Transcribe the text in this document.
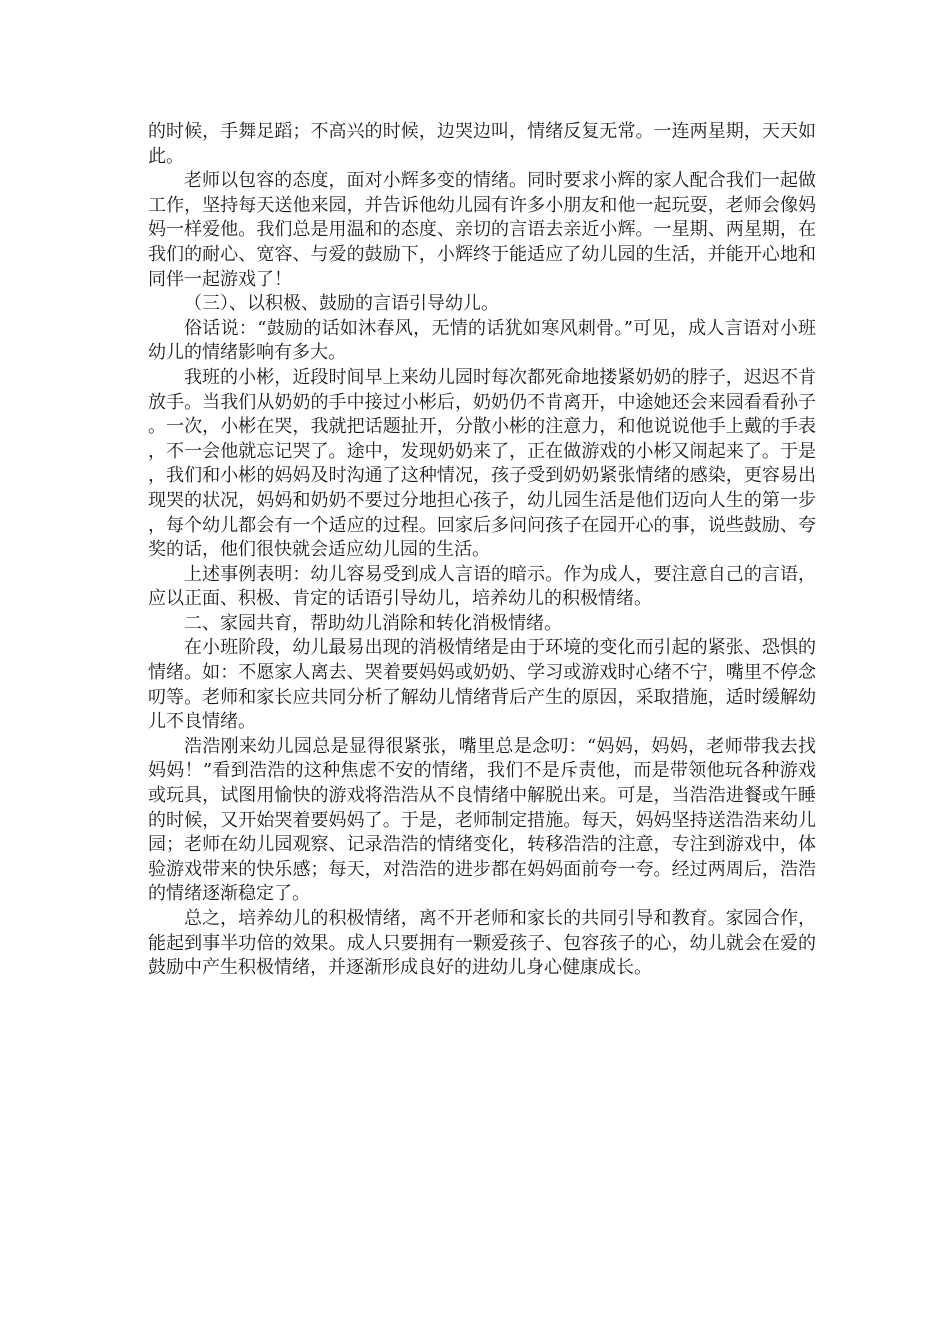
的时候，手舞足蹈；不高兴的时候，边哭边叫，情绪反复无常。一连两星期，天天如此。

老师以包容的态度，面对小辉多变的情绪。同时要求小辉的家人配合我们一起做工作，坚持每天送他来园，并告诉他幼儿园有许多小朋友和他一起玩耍，老师会像妈妈一样爱他。我们总是用温和的态度、亲切的言语去亲近小辉。一星期、两星期，在我们的耐心、宽容、与爱的鼓励下，小辉终于能适应了幼儿园的生活，并能开心地和同伴一起游戏了！

（三）、以积极、鼓励的言语引导幼儿。

俗话说：“鼓励的话如沐春风，无情的话犹如寒风刺骨。”可见，成人言语对小班幼儿的情绪影响有多大。

我班的小彬，近段时间早上来幼儿园时每次都死命地搂紧奶奶的脖子，迟迟不肯放手。当我们从奶奶的手中接过小彬后，奶奶仍不肯离开，中途她还会来园看看孙子。一次，小彬在哭，我就把话题扯开，分散小彬的注意力，和他说说他手上戴的手表，不一会他就忘记哭了。途中，发现奶奶来了，正在做游戏的小彬又闹起来了。于是，我们和小彬的妈妈及时沟通了这种情况，孩子受到奶奶紧张情绪的感染，更容易出现哭的状况，妈妈和奶奶不要过分地担心孩子，幼儿园生活是他们迈向人生的第一步，每个幼儿都会有一个适应的过程。回家后多问问孩子在园开心的事，说些鼓励、夸奖的话，他们很快就会适应幼儿园的生活。

上述事例表明：幼儿容易受到成人言语的暗示。作为成人，要注意自己的言语，应以正面、积极、肯定的话语引导幼儿，培养幼儿的积极情绪。

二、家园共育，帮助幼儿消除和转化消极情绪。

在小班阶段，幼儿最易出现的消极情绪是由于环境的变化而引起的紧张、恐惧的情绪。如：不愿家人离去、哭着要妈妈或奶奶、学习或游戏时心绪不宁，嘴里不停念叨等。老师和家长应共同分析了解幼儿情绪背后产生的原因，采取措施，适时缓解幼儿不良情绪。

浩浩刚来幼儿园总是显得很紧张，嘴里总是念叨：“妈妈，妈妈，老师带我去找妈妈！”看到浩浩的这种焦虑不安的情绪，我们不是斥责他，而是带领他玩各种游戏或玩具，试图用愉快的游戏将浩浩从不良情绪中解脱出来。可是，当浩浩进餐或午睡的时候，又开始哭着要妈妈了。于是，老师制定措施。每天，妈妈坚持送浩浩来幼儿园；老师在幼儿园观察、记录浩浩的情绪变化，转移浩浩的注意，专注到游戏中，体验游戏带来的快乐感；每天，对浩浩的进步都在妈妈面前夸一夸。经过两周后，浩浩的情绪逐渐稳定了。

总之，培养幼儿的积极情绪，离不开老师和家长的共同引导和教育。家园合作，能起到事半功倍的效果。成人只要拥有一颗爱孩子、包容孩子的心，幼儿就会在爱的鼓励中产生积极情绪，并逐渐形成良好的进幼儿身心健康成长。
